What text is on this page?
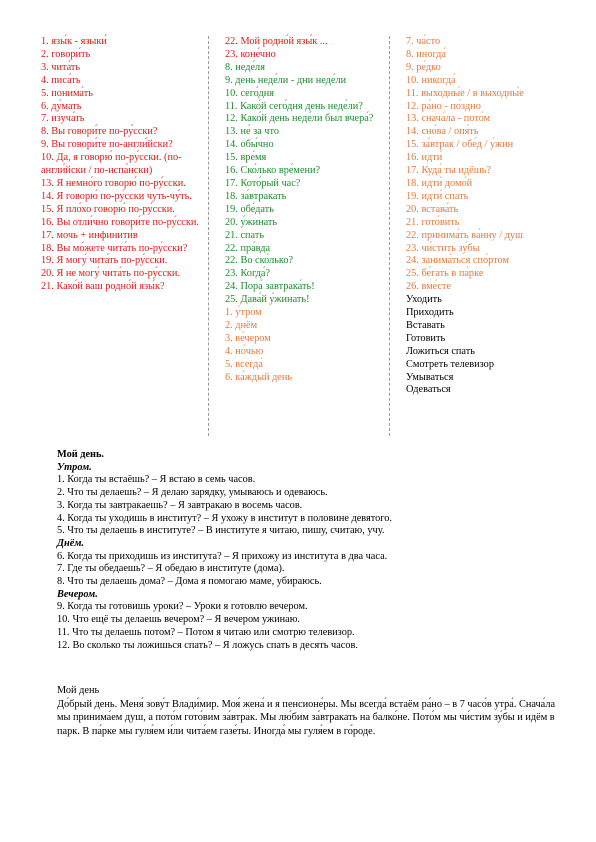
1. язы́к - языки́
2. говори́ть
3. чита́ть
4. писа́ть
5. понима́ть
6. ду́мать
7. изуча́ть
8. Вы говори́те по-ру́сски?
9. Вы говори́те по-англи́йски?
10. Да, я говорю́ по-ру́сски. (по-англи́йски / по-испа́нски)
13. Я немно́го говорю́ по-ру́сски.
14. Я говорю́ по-ру́сски чуть-чу́ть.
15. Я пло́хо говорю́ по-ру́сски.
16. Вы отли́чно говори́те по-ру́сски.
17. мочь + инфинити́в
18. Вы мо́жете чита́ть по-ру́сски?
19. Я могу́ чита́ть по-ру́сски.
20. Я не могу́ чита́ть по-ру́сски.
21. Како́й ваш родно́й язы́к?
22. Мой родно́й язы́к ...
23. коне́чно
8. неде́ля
9. день неде́ли - дни неде́ли
10. сего́дня
11. Како́й сего́дня день неде́ли?
12. Како́й день неде́ли был вчера́?
13. не́ за что
14. обы́чно
15. вре́мя
16. Ско́лько вре́мени?
17. Кото́рый час?
18. за́втракать
19. обе́дать
20. у́жинать
21. спать
22. пра́вда
22. Во ско́лько?
23. Когда́?
24. Пора́ завтрака́ть!
25. Дава́й у́жинать!
1. у́тром
2. днём
3. ве́чером
4. но́чью
5. всегда́
6. ка́ждый день
7. ча́сто
8. иногда́
9. ре́дко
10. никогда́
11. выходны́е / в выходны́е
12. ра́но - по́здно
13. снача́ла - пото́м
14. сно́ва / опя́ть
15. за́втрак / обе́д / у́жин
16. идти́
17. Куда́ ты идёшь?
18. идти́ домо́й
19. идти́ спать
20. встава́ть
21. гото́вить
22. принима́ть ва́нну / душ
23. чи́стить зу́бы
24. занима́ться спо́ртом
25. бе́гать в па́рке
26. вме́сте
Уходить
Приходить
Вставать
Готовить
Ложиться спать
Смотреть телевизор
Умываться
Одеваться
Мой день.
Утром.
1. Когда ты встаёшь? – Я встаю в семь часов.
2. Что ты делаешь? – Я делаю зарядку, умываюсь и одеваюсь.
3. Когда ты завтракаешь? – Я завтракаю в восемь часов.
4. Когда ты уходишь в институт? – Я ухожу в институт в половине девятого.
5. Что ты делаешь в институте? – В институте я читаю, пишу, считаю, учу.
Днём.
6. Когда ты приходишь из института? – Я прихожу из института в два часа.
7. Где ты обедаешь? – Я обедаю в институте (дома).
8. Что ты делаешь дома? – Дома я помогаю маме, убираюсь.
Вечером.
9. Когда ты готовишь уроки? – Уроки я готовлю вечером.
10. Что ещё ты делаешь вечером? – Я вечером ужинаю.
11. Что ты делаешь потом? – Потом я читаю или смотрю телевизор.
12. Во сколько ты ложишься спать? – Я ложусь спать в десять часов.
Мой день

До́брый день. Меня́ зову́т Влади́мир. Моя́ жена́ и я пенсионе́ры. Мы всегда́ встаём ра́но – в 7 часо́в утра́. Снача́ла мы принима́ем душ, а пото́м гото́вим за́втрак. Мы лю́бим за́втракать на балко́не. Пото́м мы чи́стим зу́бы и идём в парк. В па́рке мы гуля́ем и́ли чита́ем газе́ты. Иногда́ мы гуля́ем в го́роде.
